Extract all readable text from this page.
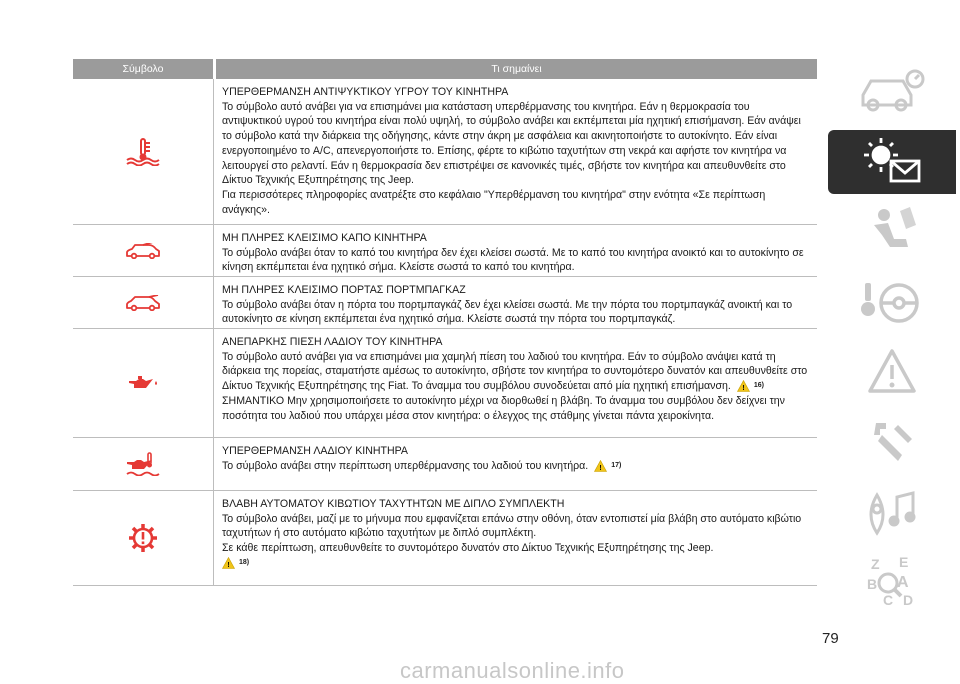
Σύμβολο	Τι σημαίνει

ΥΠΕΡΘΕΡΜΑΝΣΗ ΑΝΤΙΨΥΚΤΙΚΟΥ ΥΓΡΟΥ ΤΟΥ ΚΙΝΗΤΗΡΑ

Το σύμβολο αυτό ανάβει για να επισημάνει μια κατάσταση υπερθέρμανσης του κινητήρα. Εάν η θερμοκρασία του αντιψυκτικού υγρού του κινητήρα είναι πολύ υψηλή, το σύμβολο ανάβει και εκπέμπεται μία ηχητική επισήμανση. Εάν ανάψει το σύμβολο κατά την διάρκεια της οδήγησης, κάντε στην άκρη με ασφάλεια και ακινητοποιήστε το αυτοκίνητο. Εάν είναι ενεργοποιημένο το A/C, απενεργοποιήστε το. Επίσης, φέρτε το κιβώτιο ταχυτήτων στη νεκρά και αφήστε τον κινητήρα να λειτουργεί στο ρελαντί. Εάν η θερμοκρασία δεν επιστρέψει σε κανονικές τιμές, σβήστε τον κινητήρα και απευθυνθείτε στο Δίκτυο Τεχνικής Εξυπηρέτησης της Jeep.

Για περισσότερες πληροφορίες ανατρέξτε στο κεφάλαιο "Υπερθέρμανση του κινητήρα" στην ενότητα «Σε περίπτωση ανάγκης».

ΜΗ ΠΛΗΡΕΣ ΚΛΕΙΣΙΜΟ ΚΑΠΟ ΚΙΝΗΤΗΡΑ

Το σύμβολο ανάβει όταν το καπό του κινητήρα δεν έχει κλείσει σωστά. Με το καπό του κινητήρα ανοικτό και το αυτοκίνητο σε κίνηση εκπέμπεται ένα ηχητικό σήμα. Κλείστε σωστά το καπό του κινητήρα.

ΜΗ ΠΛΗΡΕΣ ΚΛΕΙΣΙΜΟ ΠΟΡΤΑΣ ΠΟΡΤΜΠΑΓΚΑΖ

Το σύμβολο ανάβει όταν η πόρτα του πορτμπαγκάζ δεν έχει κλείσει σωστά. Με την πόρτα του πορτμπαγκάζ ανοικτή και το αυτοκίνητο σε κίνηση εκπέμπεται ένα ηχητικό σήμα. Κλείστε σωστά την πόρτα του πορτμπαγκάζ.

ΑΝΕΠΑΡΚΗΣ ΠΙΕΣΗ ΛΑΔΙΟΥ ΤΟΥ ΚΙΝΗΤΗΡΑ

Το σύμβολο αυτό ανάβει για να επισημάνει μια χαμηλή πίεση του λαδιού του κινητήρα. Εάν το σύμβολο ανάψει κατά τη διάρκεια της πορείας, σταματήστε αμέσως το αυτοκίνητο, σβήστε τον κινητήρα το συντομότερο δυνατόν και απευθυνθείτε στο Δίκτυο Τεχνικής Εξυπηρέτησης της Fiat. Το άναμμα του συμβόλου συνοδεύεται από μία ηχητική επισήμανση. ! 16)

ΣΗΜΑΝΤΙΚΟ Μην χρησιμοποιήσετε το αυτοκίνητο μέχρι να διορθωθεί η βλάβη. Το άναμμα του συμβόλου δεν δείχνει την ποσότητα του λαδιού που υπάρχει μέσα στον κινητήρα: ο έλεγχος της στάθμης γίνεται πάντα χειροκίνητα.

ΥΠΕΡΘΕΡΜΑΝΣΗ ΛΑΔΙΟΥ ΚΙΝΗΤΗΡΑ

Το σύμβολο ανάβει στην περίπτωση υπερθέρμανσης του λαδιού του κινητήρα. ! 17)

ΒΛΑΒΗ ΑΥΤΟΜΑΤΟΥ ΚΙΒΩΤΙΟΥ ΤΑΧΥΤΗΤΩΝ ΜΕ ΔΙΠΛΟ ΣΥΜΠΛΕΚΤΗ

Το σύμβολο ανάβει, μαζί με το μήνυμα που εμφανίζεται επάνω στην οθόνη, όταν εντοπιστεί μία βλάβη στο αυτόματο κιβώτιο ταχυτήτων ή στο αυτόματο κιβώτιο ταχυτήτων με διπλό συμπλέκτη.

Σε κάθε περίπτωση, απευθυνθείτε το συντομότερο δυνατόν στο Δίκτυο Τεχνικής Εξυπηρέτησης της Jeep.

! 18)	Z E
B A
C D
79
carmanualsonline.info
